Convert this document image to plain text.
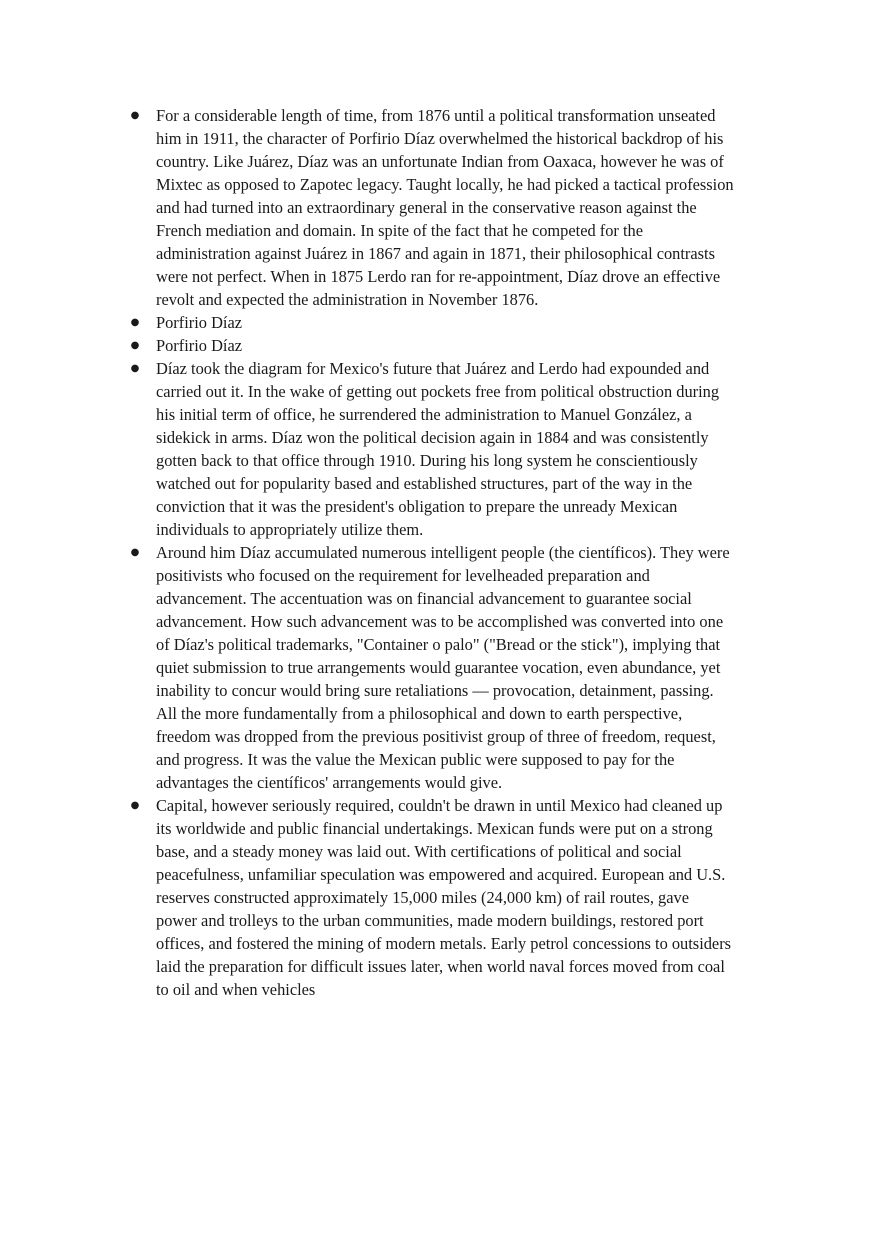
● For a considerable length of time, from 1876 until a political transformation unseated him in 1911, the character of Porfirio Díaz overwhelmed the historical backdrop of his country. Like Juárez, Díaz was an unfortunate Indian from Oaxaca, however he was of Mixtec as opposed to Zapotec legacy. Taught locally, he had picked a tactical profession and had turned into an extraordinary general in the conservative reason against the French mediation and domain. In spite of the fact that he competed for the administration against Juárez in 1867 and again in 1871, their philosophical contrasts were not perfect. When in 1875 Lerdo ran for re-appointment, Díaz drove an effective revolt and expected the administration in November 1876.
● Porfirio Díaz
● Porfirio Díaz
● Díaz took the diagram for Mexico's future that Juárez and Lerdo had expounded and carried out it. In the wake of getting out pockets free from political obstruction during his initial term of office, he surrendered the administration to Manuel González, a sidekick in arms. Díaz won the political decision again in 1884 and was consistently gotten back to that office through 1910. During his long system he conscientiously watched out for popularity based and established structures, part of the way in the conviction that it was the president's obligation to prepare the unready Mexican individuals to appropriately utilize them.
● Around him Díaz accumulated numerous intelligent people (the científicos). They were positivists who focused on the requirement for levelheaded preparation and advancement. The accentuation was on financial advancement to guarantee social advancement. How such advancement was to be accomplished was converted into one of Díaz's political trademarks, "Container o palo" ("Bread or the stick"), implying that quiet submission to true arrangements would guarantee vocation, even abundance, yet inability to concur would bring sure retaliations — provocation, detainment, passing. All the more fundamentally from a philosophical and down to earth perspective, freedom was dropped from the previous positivist group of three of freedom, request, and progress. It was the value the Mexican public were supposed to pay for the advantages the científicos' arrangements would give.
● Capital, however seriously required, couldn't be drawn in until Mexico had cleaned up its worldwide and public financial undertakings. Mexican funds were put on a strong base, and a steady money was laid out. With certifications of political and social peacefulness, unfamiliar speculation was empowered and acquired. European and U.S. reserves constructed approximately 15,000 miles (24,000 km) of rail routes, gave power and trolleys to the urban communities, made modern buildings, restored port offices, and fostered the mining of modern metals. Early petrol concessions to outsiders laid the preparation for difficult issues later, when world naval forces moved from coal to oil and when vehicles
